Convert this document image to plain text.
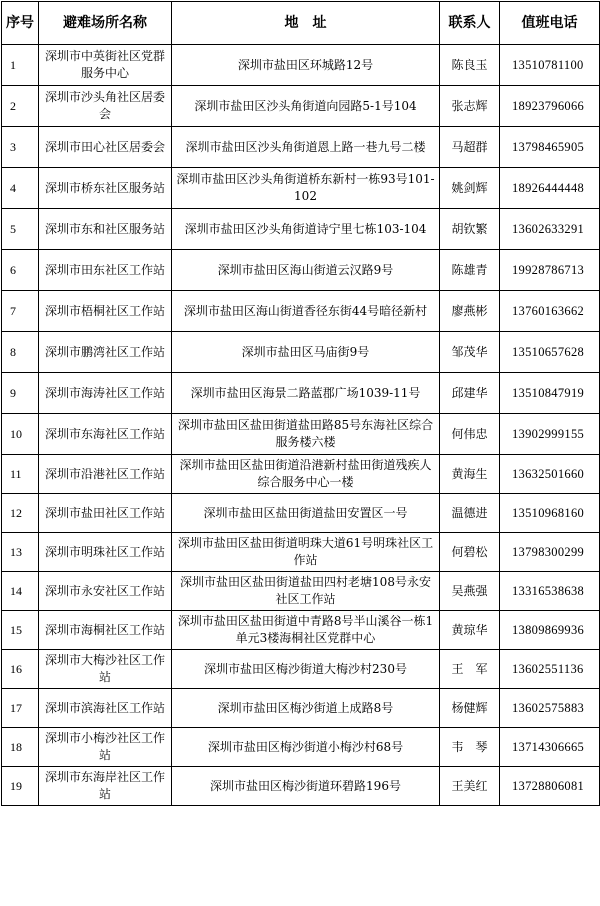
序号	避难场所名称	地　址	联系人	值班电话
1	深圳市中英街社区党群服务中心	深圳市盐田区环城路12号	陈良玉	13510781100
2	深圳市沙头角社区居委会	深圳市盐田区沙头角街道向园路5-1号104	张志辉	18923796066
3	深圳市田心社区居委会	深圳市盐田区沙头角街道恩上路一巷九号二楼	马超群	13798465905
4	深圳市桥东社区服务站	深圳市盐田区沙头角街道桥东新村一栋93号101-102	姚剑辉	18926444448
5	深圳市东和社区服务站	深圳市盐田区沙头角街道诗宁里七栋103-104	胡钦繁	13602633291
6	深圳市田东社区工作站	深圳市盐田区海山街道云汉路9号	陈雄青	19928786713
7	深圳市梧桐社区工作站	深圳市盐田区海山街道香径东街44号暗径新村	廖燕彬	13760163662
8	深圳市鹏湾社区工作站	深圳市盐田区马庙街9号	邹茂华	13510657628
9	深圳市海涛社区工作站	深圳市盐田区海景二路蓝郡广场1039-11号	邱建华	13510847919
10	深圳市东海社区工作站	深圳市盐田区盐田街道盐田路85号东海社区综合服务楼六楼	何伟忠	13902999155
11	深圳市沿港社区工作站	深圳市盐田区盐田街道沿港新村盐田街道残疾人综合服务中心一楼	黄海生	13632501660
12	深圳市盐田社区工作站	深圳市盐田区盐田街道盐田安置区一号	温德进	13510968160
13	深圳市明珠社区工作站	深圳市盐田区盐田街道明珠大道61号明珠社区工作站	何碧松	13798300299
14	深圳市永安社区工作站	深圳市盐田区盐田街道盐田四村老塘108号永安社区工作站	吴燕强	13316538638
15	深圳市海桐社区工作站	深圳市盐田区盐田街道中青路8号半山溪谷一栋1单元3楼海桐社区党群中心	黄琼华	13809869936
16	深圳市大梅沙社区工作站	深圳市盐田区梅沙街道大梅沙村230号	王　军	13602551136
17	深圳市滨海社区工作站	深圳市盐田区梅沙街道上成路8号	杨健辉	13602575883
18	深圳市小梅沙社区工作站	深圳市盐田区梅沙街道小梅沙村68号	韦　琴	13714306665
19	深圳市东海岸社区工作站	深圳市盐田区梅沙街道环碧路196号	王美红	13728806081
